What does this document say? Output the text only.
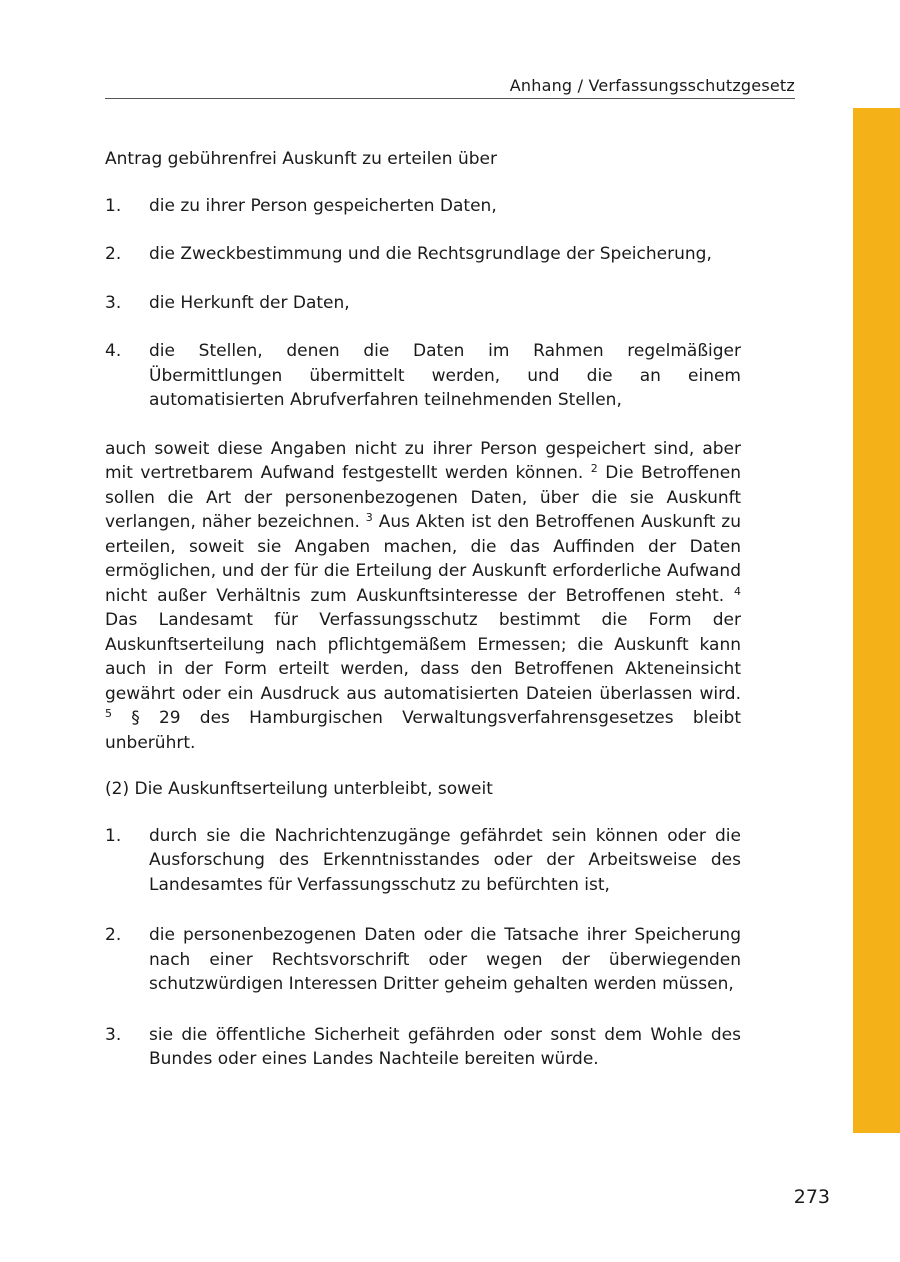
Anhang / Verfassungsschutzgesetz

Antrag gebührenfrei Auskunft zu erteilen über

1. die zu ihrer Person gespeicherten Daten,
2. die Zweckbestimmung und die Rechtsgrundlage der Speicherung,
3. die Herkunft der Daten,
4. die Stellen, denen die Daten im Rahmen regelmäßiger Übermittlungen übermittelt werden, und die an einem automatisierten Abrufverfahren teilnehmenden Stellen,

auch soweit diese Angaben nicht zu ihrer Person gespeichert sind, aber mit vertretbarem Aufwand festgestellt werden können. $^2$ Die Betroffenen sollen die Art der personenbezogenen Daten, über die sie Auskunft verlangen, näher bezeichnen. $^3$ Aus Akten ist den Betroffenen Auskunft zu erteilen, soweit sie Angaben machen, die das Auffinden der Daten ermöglichen, und der für die Erteilung der Auskunft erforderliche Aufwand nicht außer Verhältnis zum Auskunftsinteresse der Betroffenen steht. $^4$ Das Landesamt für Verfassungsschutz bestimmt die Form der Auskunftserteilung nach pflichtgemäßem Ermessen; die Auskunft kann auch in der Form erteilt werden, dass den Betroffenen Akteneinsicht gewährt oder ein Ausdruck aus automatisierten Dateien überlassen wird. $^5$ § 29 des Hamburgischen Verwaltungsverfahrensgesetzes bleibt unberührt.

(2) Die Auskunftserteilung unterbleibt, soweit

1. durch sie die Nachrichtenzugänge gefährdet sein können oder die Ausforschung des Erkenntnisstandes oder der Arbeitsweise des Landesamtes für Verfassungsschutz zu befürchten ist,
2. die personenbezogenen Daten oder die Tatsache ihrer Speicherung nach einer Rechtsvorschrift oder wegen der überwiegenden schutzwürdigen Interessen Dritter geheim gehalten werden müssen,
3. sie die öffentliche Sicherheit gefährden oder sonst dem Wohle des Bundes oder eines Landes Nachteile bereiten würde.
273
